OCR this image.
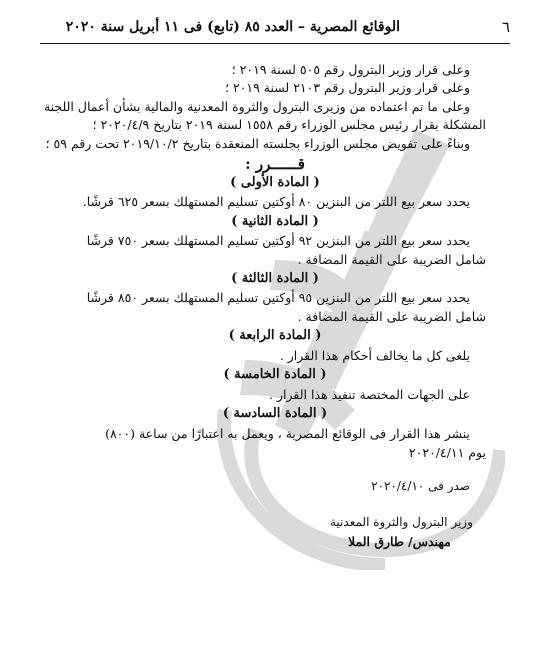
٦
الوقائع المصرية – العدد ٨٥ (تابع) فى ١١ أبريل سنة ٢٠٢٠
وعلى قرار وزير البترول رقم ٥٠٥ لسنة ٢٠١٩ ؛
وعلى قرار وزير البترول رقم ٢١٠٣ لسنة ٢٠١٩ ؛
وعلى ما تم اعتماده من وزيرى البترول والثروة المعدنية والمالية بشأن أعمال اللجنة
المشكلة بقرار رئيس مجلس الوزراء رقم ١٥٥٨ لسنة ٢٠١٩ بتاريخ ٢٠٢٠/٤/٩ ؛
وبناءً على تفويض مجلس الوزراء بجلسته المنعقدة بتاريخ ٢٠١٩/١٠/٢ تحت رقم ٥٩ ؛
قــــــرر :
( المادة الأولى )
يحدد سعر بيع اللتر من البنزين ٨٠ أوكتين تسليم المستهلك بسعر ٦٢٥ قرشًا.
( المادة الثانية )
يحدد سعر بيع اللتر من البنزين ٩٢ أوكتين تسليم المستهلك بسعر ٧٥٠ قرشًا
شامل الضريبة على القيمة المضافة .
( المادة الثالثة )
يحدد سعر بيع اللتر من البنزين ٩٥ أوكتين تسليم المستهلك بسعر ٨٥٠ قرشًا
شامل الضريبة على القيمة المضافة .
( المادة الرابعة )
يلغى كل ما يخالف أحكام هذا القرار .
( المادة الخامسة )
على الجهات المختصة تنفيذ هذا القرار .
( المادة السادسة )
ينشر هذا القرار فى الوقائع المصرية ، ويعمل به اعتبارًا من ساعة (٨٠٠)
يوم ٢٠٢٠/٤/١١
صدر فى ٢٠٢٠/٤/١٠
وزير البترول والثروة المعدنية
مهندس/ طارق الملا
